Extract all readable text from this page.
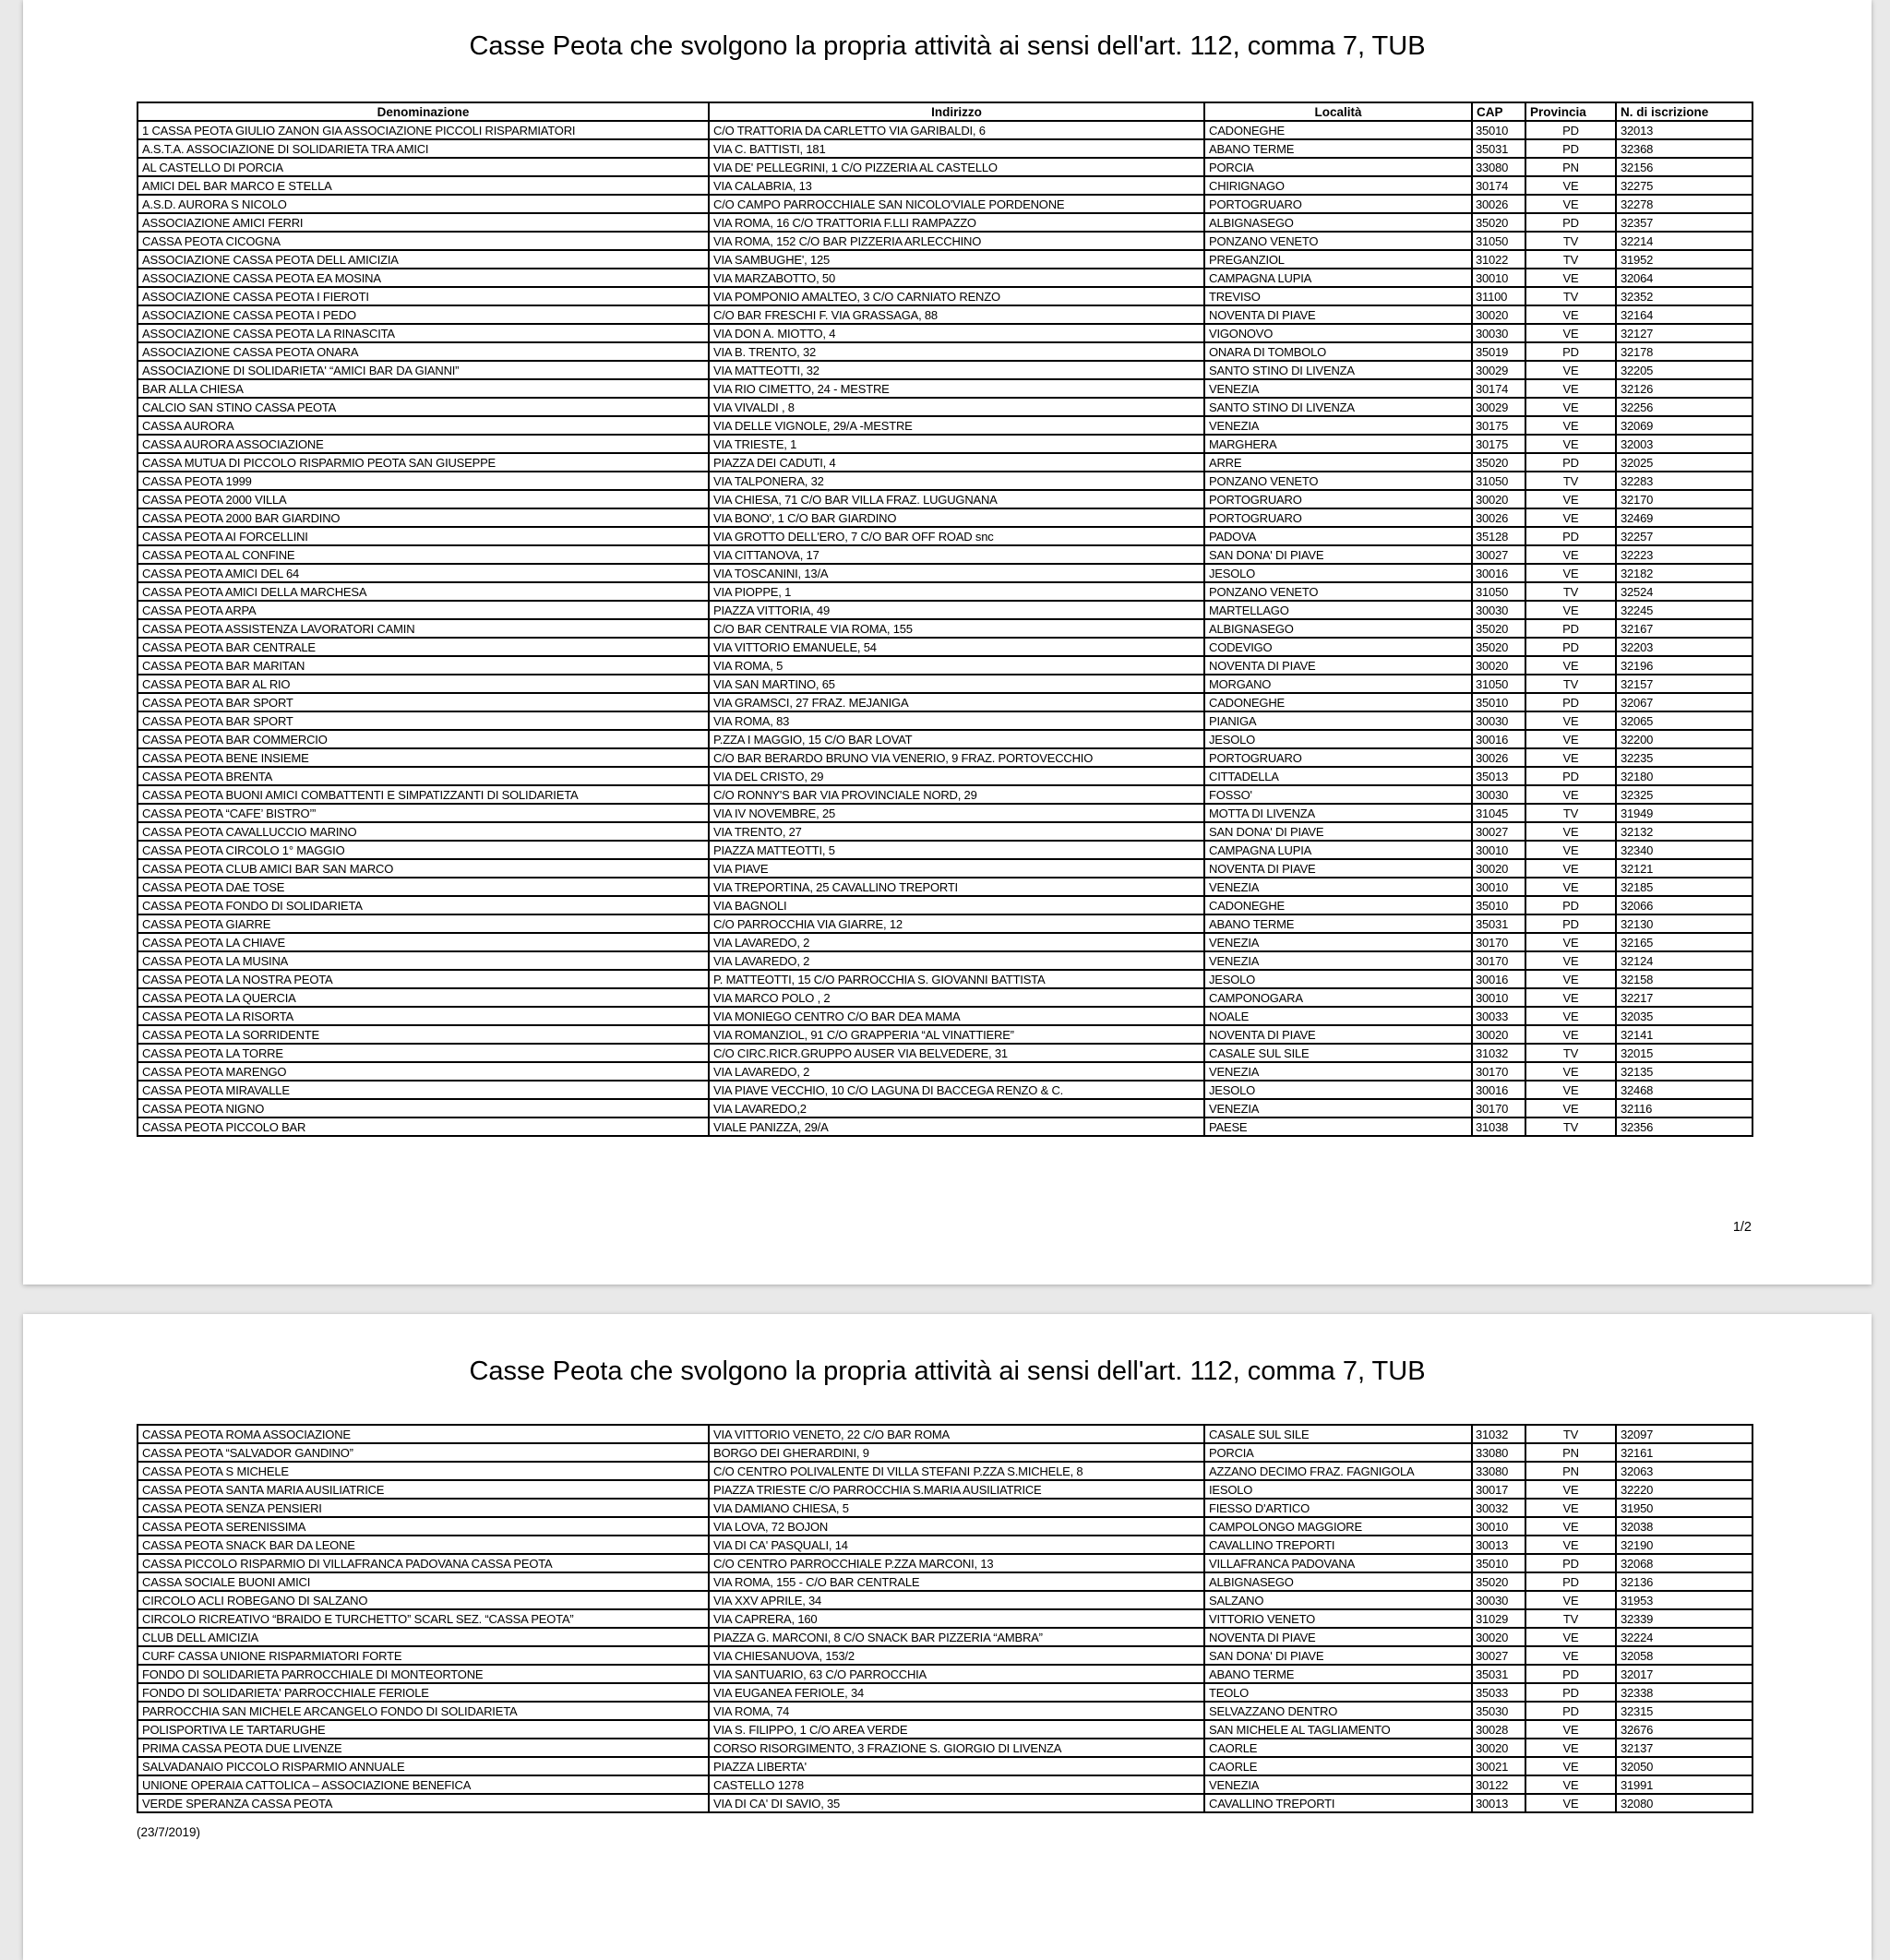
Casse Peota che svolgono la propria attività ai sensi dell'art. 112, comma 7, TUB
Denominazione	Indirizzo	Località	CAP	Provincia	N. di iscrizione
1 CASSA PEOTA GIULIO ZANON GIA ASSOCIAZIONE PICCOLI RISPARMIATORI	C/O TRATTORIA DA CARLETTO VIA GARIBALDI, 6	CADONEGHE	35010	PD	32013
A.S.T.A. ASSOCIAZIONE DI SOLIDARIETA TRA AMICI	VIA C. BATTISTI, 181	ABANO TERME	35031	PD	32368
AL CASTELLO DI PORCIA	VIA DE' PELLEGRINI, 1 C/O PIZZERIA AL CASTELLO	PORCIA	33080	PN	32156
AMICI DEL BAR MARCO E STELLA	VIA CALABRIA, 13	CHIRIGNAGO	30174	VE	32275
A.S.D. AURORA S NICOLO	C/O CAMPO PARROCCHIALE SAN NICOLO'VIALE PORDENONE	PORTOGRUARO	30026	VE	32278
ASSOCIAZIONE AMICI FERRI	VIA ROMA, 16 C/O TRATTORIA F.LLI RAMPAZZO	ALBIGNASEGO	35020	PD	32357
CASSA PEOTA CICOGNA	VIA ROMA, 152 C/O BAR PIZZERIA ARLECCHINO	PONZANO VENETO	31050	TV	32214
ASSOCIAZIONE CASSA PEOTA DELL AMICIZIA	VIA SAMBUGHE', 125	PREGANZIOL	31022	TV	31952
ASSOCIAZIONE CASSA PEOTA EA MOSINA	VIA MARZABOTTO, 50	CAMPAGNA LUPIA	30010	VE	32064
ASSOCIAZIONE CASSA PEOTA I FIEROTI	VIA POMPONIO AMALTEO, 3 C/O CARNIATO RENZO	TREVISO	31100	TV	32352
ASSOCIAZIONE CASSA PEOTA I PEDO	C/O BAR FRESCHI F. VIA GRASSAGA, 88	NOVENTA DI PIAVE	30020	VE	32164
ASSOCIAZIONE CASSA PEOTA LA RINASCITA	VIA DON A. MIOTTO, 4	VIGONOVO	30030	VE	32127
ASSOCIAZIONE CASSA PEOTA ONARA	VIA B. TRENTO, 32	ONARA DI TOMBOLO	35019	PD	32178
ASSOCIAZIONE DI SOLIDARIETA' “AMICI BAR DA GIANNI”	VIA MATTEOTTI, 32	SANTO STINO DI LIVENZA	30029	VE	32205
BAR ALLA CHIESA	VIA RIO CIMETTO, 24 - MESTRE	VENEZIA	30174	VE	32126
CALCIO SAN STINO CASSA PEOTA	VIA VIVALDI , 8	SANTO STINO DI LIVENZA	30029	VE	32256
CASSA AURORA	VIA DELLE VIGNOLE, 29/A -MESTRE	VENEZIA	30175	VE	32069
CASSA AURORA ASSOCIAZIONE	VIA TRIESTE, 1	MARGHERA	30175	VE	32003
CASSA MUTUA DI PICCOLO RISPARMIO PEOTA SAN GIUSEPPE	PIAZZA DEI CADUTI, 4	ARRE	35020	PD	32025
CASSA PEOTA 1999	VIA TALPONERA, 32	PONZANO VENETO	31050	TV	32283
CASSA PEOTA 2000 VILLA	VIA CHIESA, 71 C/O BAR VILLA FRAZ. LUGUGNANA	PORTOGRUARO	30020	VE	32170
CASSA PEOTA 2000 BAR GIARDINO	VIA BONO', 1 C/O BAR GIARDINO	PORTOGRUARO	30026	VE	32469
CASSA PEOTA AI FORCELLINI	VIA GROTTO DELL'ERO, 7 C/O BAR OFF ROAD snc	PADOVA	35128	PD	32257
CASSA PEOTA AL CONFINE	VIA CITTANOVA, 17	SAN DONA' DI PIAVE	30027	VE	32223
CASSA PEOTA AMICI DEL 64	VIA TOSCANINI, 13/A	JESOLO	30016	VE	32182
CASSA PEOTA AMICI DELLA MARCHESA	VIA PIOPPE, 1	PONZANO VENETO	31050	TV	32524
CASSA PEOTA ARPA	PIAZZA VITTORIA, 49	MARTELLAGO	30030	VE	32245
CASSA PEOTA ASSISTENZA LAVORATORI CAMIN	C/O BAR CENTRALE VIA ROMA, 155	ALBIGNASEGO	35020	PD	32167
CASSA PEOTA BAR CENTRALE	VIA VITTORIO EMANUELE, 54	CODEVIGO	35020	PD	32203
CASSA PEOTA BAR MARITAN	VIA ROMA, 5	NOVENTA DI PIAVE	30020	VE	32196
CASSA PEOTA BAR AL RIO	VIA SAN MARTINO, 65	MORGANO	31050	TV	32157
CASSA PEOTA BAR SPORT	VIA GRAMSCI, 27 FRAZ. MEJANIGA	CADONEGHE	35010	PD	32067
CASSA PEOTA BAR SPORT	VIA ROMA, 83	PIANIGA	30030	VE	32065
CASSA PEOTA BAR COMMERCIO	P.ZZA I MAGGIO, 15 C/O BAR LOVAT	JESOLO	30016	VE	32200
CASSA PEOTA BENE INSIEME	C/O BAR BERARDO BRUNO VIA VENERIO, 9 FRAZ. PORTOVECCHIO	PORTOGRUARO	30026	VE	32235
CASSA PEOTA BRENTA	VIA DEL CRISTO, 29	CITTADELLA	35013	PD	32180
CASSA PEOTA BUONI AMICI COMBATTENTI E SIMPATIZZANTI DI SOLIDARIETA	C/O RONNY'S BAR VIA PROVINCIALE NORD, 29	FOSSO'	30030	VE	32325
CASSA PEOTA “CAFE’ BISTRO’”	VIA IV NOVEMBRE, 25	MOTTA DI LIVENZA	31045	TV	31949
CASSA PEOTA CAVALLUCCIO MARINO	VIA TRENTO, 27	SAN DONA' DI PIAVE	30027	VE	32132
CASSA PEOTA CIRCOLO 1° MAGGIO	PIAZZA MATTEOTTI, 5	CAMPAGNA LUPIA	30010	VE	32340
CASSA PEOTA CLUB AMICI BAR SAN MARCO	VIA PIAVE	NOVENTA DI PIAVE	30020	VE	32121
CASSA PEOTA DAE TOSE	VIA TREPORTINA, 25 CAVALLINO TREPORTI	VENEZIA	30010	VE	32185
CASSA PEOTA FONDO DI SOLIDARIETA	VIA BAGNOLI	CADONEGHE	35010	PD	32066
CASSA PEOTA GIARRE	C/O PARROCCHIA VIA GIARRE, 12	ABANO TERME	35031	PD	32130
CASSA PEOTA LA CHIAVE	VIA LAVAREDO, 2	VENEZIA	30170	VE	32165
CASSA PEOTA LA MUSINA	VIA LAVAREDO, 2	VENEZIA	30170	VE	32124
CASSA PEOTA LA NOSTRA PEOTA	P. MATTEOTTI, 15 C/O PARROCCHIA S. GIOVANNI BATTISTA	JESOLO	30016	VE	32158
CASSA PEOTA LA QUERCIA	VIA MARCO POLO , 2	CAMPONOGARA	30010	VE	32217
CASSA PEOTA LA RISORTA	VIA MONIEGO CENTRO C/O BAR DEA MAMA	NOALE	30033	VE	32035
CASSA PEOTA LA SORRIDENTE	VIA ROMANZIOL, 91 C/O GRAPPERIA “AL VINATTIERE”	NOVENTA DI PIAVE	30020	VE	32141
CASSA PEOTA LA TORRE	C/O CIRC.RICR.GRUPPO AUSER VIA BELVEDERE, 31	CASALE SUL SILE	31032	TV	32015
CASSA PEOTA MARENGO	VIA LAVAREDO, 2	VENEZIA	30170	VE	32135
CASSA PEOTA MIRAVALLE	VIA PIAVE VECCHIO, 10 C/O LAGUNA DI BACCEGA RENZO & C.	JESOLO	30016	VE	32468
CASSA PEOTA NIGNO	VIA LAVAREDO,2	VENEZIA	30170	VE	32116
CASSA PEOTA PICCOLO BAR	VIALE PANIZZA, 29/A	PAESE	31038	TV	32356
1/2
Casse Peota che svolgono la propria attività ai sensi dell'art. 112, comma 7, TUB
CASSA PEOTA ROMA ASSOCIAZIONE	VIA VITTORIO VENETO, 22 C/O BAR ROMA	CASALE SUL SILE	31032	TV	32097
CASSA PEOTA “SALVADOR GANDINO”	BORGO DEI GHERARDINI, 9	PORCIA	33080	PN	32161
CASSA PEOTA S MICHELE	C/O CENTRO POLIVALENTE DI VILLA STEFANI P.ZZA S.MICHELE, 8	AZZANO DECIMO FRAZ. FAGNIGOLA	33080	PN	32063
CASSA PEOTA SANTA MARIA AUSILIATRICE	PIAZZA TRIESTE C/O PARROCCHIA S.MARIA AUSILIATRICE	IESOLO	30017	VE	32220
CASSA PEOTA SENZA PENSIERI	VIA DAMIANO CHIESA, 5	FIESSO D'ARTICO	30032	VE	31950
CASSA PEOTA SERENISSIMA	VIA LOVA, 72 BOJON	CAMPOLONGO MAGGIORE	30010	VE	32038
CASSA PEOTA SNACK BAR DA LEONE	VIA DI CA' PASQUALI, 14	CAVALLINO TREPORTI	30013	VE	32190
CASSA PICCOLO RISPARMIO DI VILLAFRANCA PADOVANA CASSA PEOTA	C/O CENTRO PARROCCHIALE P.ZZA MARCONI, 13	VILLAFRANCA PADOVANA	35010	PD	32068
CASSA SOCIALE BUONI AMICI	VIA ROMA, 155 - C/O BAR CENTRALE	ALBIGNASEGO	35020	PD	32136
CIRCOLO ACLI ROBEGANO DI SALZANO	VIA XXV APRILE, 34	SALZANO	30030	VE	31953
CIRCOLO RICREATIVO “BRAIDO E TURCHETTO” SCARL SEZ. “CASSA PEOTA”	VIA CAPRERA, 160	VITTORIO VENETO	31029	TV	32339
CLUB DELL AMICIZIA	PIAZZA G. MARCONI, 8 C/O SNACK BAR PIZZERIA “AMBRA”	NOVENTA DI PIAVE	30020	VE	32224
CURF CASSA UNIONE RISPARMIATORI FORTE	VIA CHIESANUOVA, 153/2	SAN DONA' DI PIAVE	30027	VE	32058
FONDO DI SOLIDARIETA PARROCCHIALE DI MONTEORTONE	VIA SANTUARIO, 63 C/O PARROCCHIA	ABANO TERME	35031	PD	32017
FONDO DI SOLIDARIETA' PARROCCHIALE FERIOLE	VIA EUGANEA FERIOLE, 34	TEOLO	35033	PD	32338
PARROCCHIA SAN MICHELE ARCANGELO FONDO DI SOLIDARIETA	VIA ROMA, 74	SELVAZZANO DENTRO	35030	PD	32315
POLISPORTIVA LE TARTARUGHE	VIA S. FILIPPO, 1 C/O AREA VERDE	SAN MICHELE AL TAGLIAMENTO	30028	VE	32676
PRIMA CASSA PEOTA DUE LIVENZE	CORSO RISORGIMENTO, 3 FRAZIONE S. GIORGIO DI LIVENZA	CAORLE	30020	VE	32137
SALVADANAIO PICCOLO RISPARMIO ANNUALE	PIAZZA LIBERTA'	CAORLE	30021	VE	32050
UNIONE OPERAIA CATTOLICA – ASSOCIAZIONE BENEFICA	CASTELLO 1278	VENEZIA	30122	VE	31991
VERDE SPERANZA CASSA PEOTA	VIA DI CA' DI SAVIO, 35	CAVALLINO TREPORTI	30013	VE	32080
(23/7/2019)
